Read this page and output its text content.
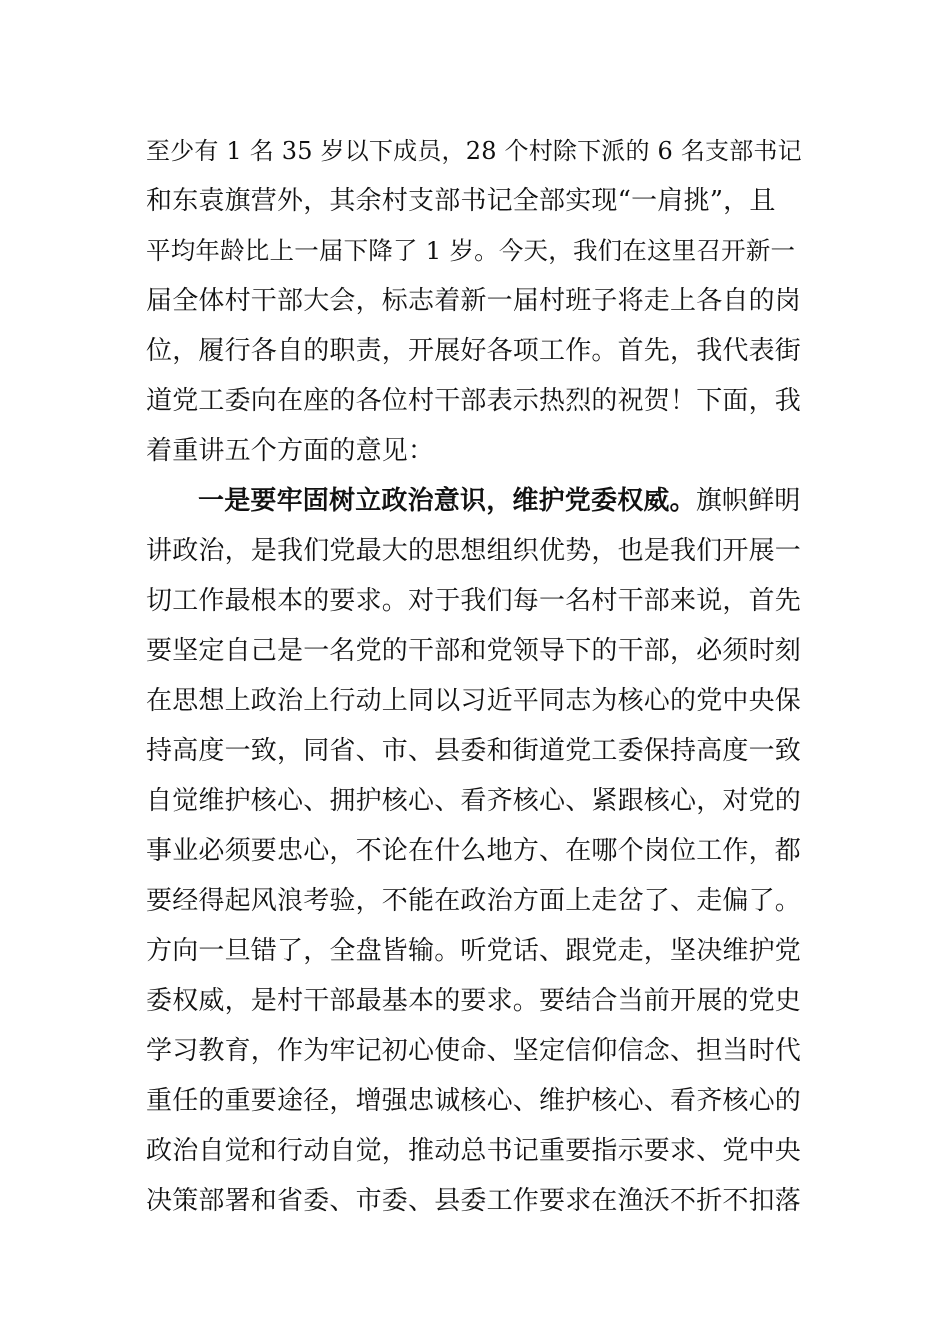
至少有 1 名 35 岁以下成员，28 个村除下派的 6 名支部书记
和东袁旗营外，其余村支部书记全部实现“一肩挑”，且
平均年龄比上一届下降了 1 岁。今天，我们在这里召开新一
届全体村干部大会，标志着新一届村班子将走上各自的岗
位，履行各自的职责，开展好各项工作。首先，我代表街
道党工委向在座的各位村干部表示热烈的祝贺！下面，我
着重讲五个方面的意见：
一是要牢固树立政治意识，维护党委权威。旗帜鲜明
讲政治，是我们党最大的思想组织优势，也是我们开展一
切工作最根本的要求。对于我们每一名村干部来说，首先
要坚定自己是一名党的干部和党领导下的干部，必须时刻
在思想上政治上行动上同以习近平同志为核心的党中央保
持高度一致，同省、市、县委和街道党工委保持高度一致
自觉维护核心、拥护核心、看齐核心、紧跟核心，对党的
事业必须要忠心，不论在什么地方、在哪个岗位工作，都
要经得起风浪考验，不能在政治方面上走岔了、走偏了。
方向一旦错了，全盘皆输。听党话、跟党走，坚决维护党
委权威，是村干部最基本的要求。要结合当前开展的党史
学习教育，作为牢记初心使命、坚定信仰信念、担当时代
重任的重要途径，增强忠诚核心、维护核心、看齐核心的
政治自觉和行动自觉，推动总书记重要指示要求、党中央
决策部署和省委、市委、县委工作要求在渔沃不折不扣落
